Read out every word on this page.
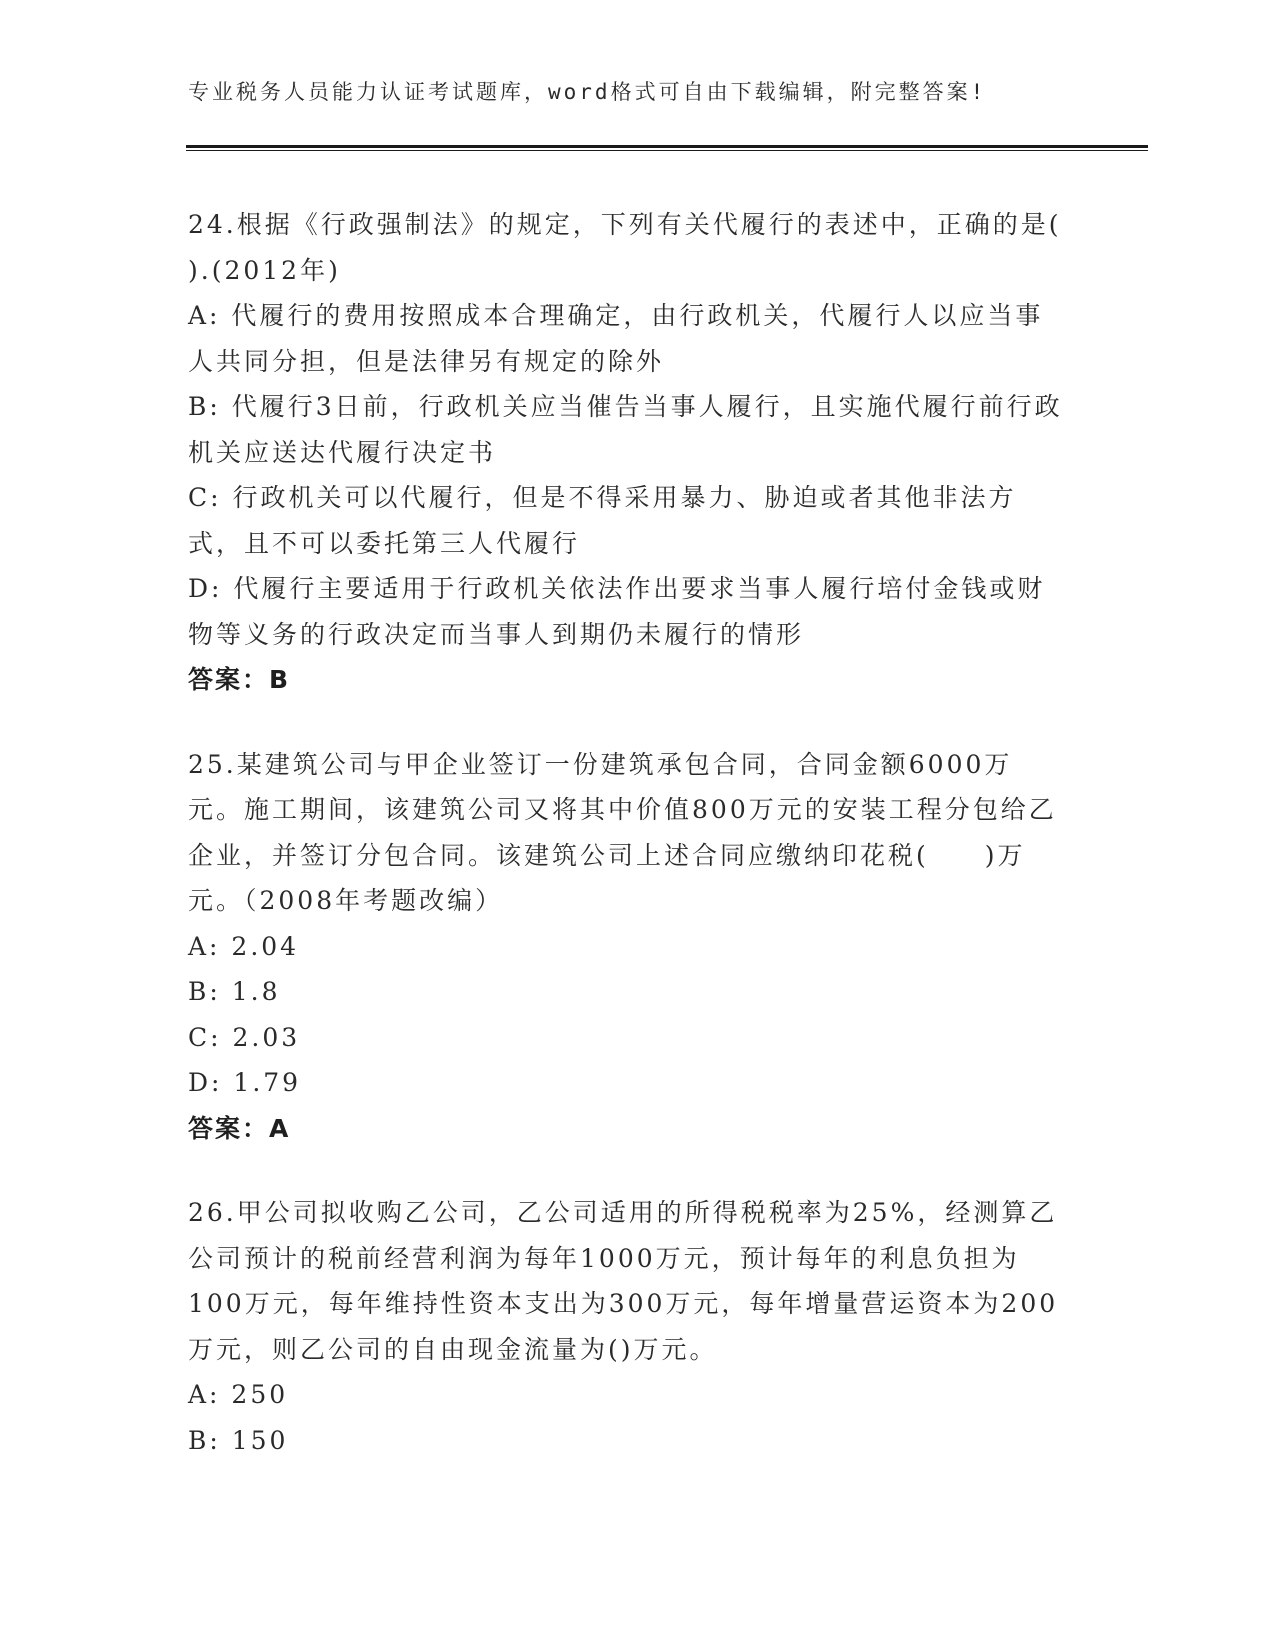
专业税务人员能力认证考试题库，word格式可自由下载编辑，附完整答案!

24.根据《行政强制法》的规定，下列有关代履行的表述中，正确的是( ).(2012年)

A: 代履行的费用按照成本合理确定，由行政机关，代履行人以应当事人共同分担，但是法律另有规定的除外

B: 代履行3日前，行政机关应当催告当事人履行，且实施代履行前行政机关应送达代履行决定书

C: 行政机关可以代履行，但是不得采用暴力、胁迫或者其他非法方式，且不可以委托第三人代履行

D: 代履行主要适用于行政机关依法作出要求当事人履行培付金钱或财物等义务的行政决定而当事人到期仍未履行的情形

答案：B

25.某建筑公司与甲企业签订一份建筑承包合同，合同金额6000万元。施工期间，该建筑公司又将其中价值800万元的安装工程分包给乙企业，并签订分包合同。该建筑公司上述合同应缴纳印花税(　　)万元。（2008年考题改编）

A: 2.04

B: 1.8

C: 2.03

D: 1.79

答案：A

26.甲公司拟收购乙公司，乙公司适用的所得税税率为25%，经测算乙公司预计的税前经营利润为每年1000万元，预计每年的利息负担为100万元，每年维持性资本支出为300万元，每年增量营运资本为200万元，则乙公司的自由现金流量为()万元。

A: 250

B: 150
